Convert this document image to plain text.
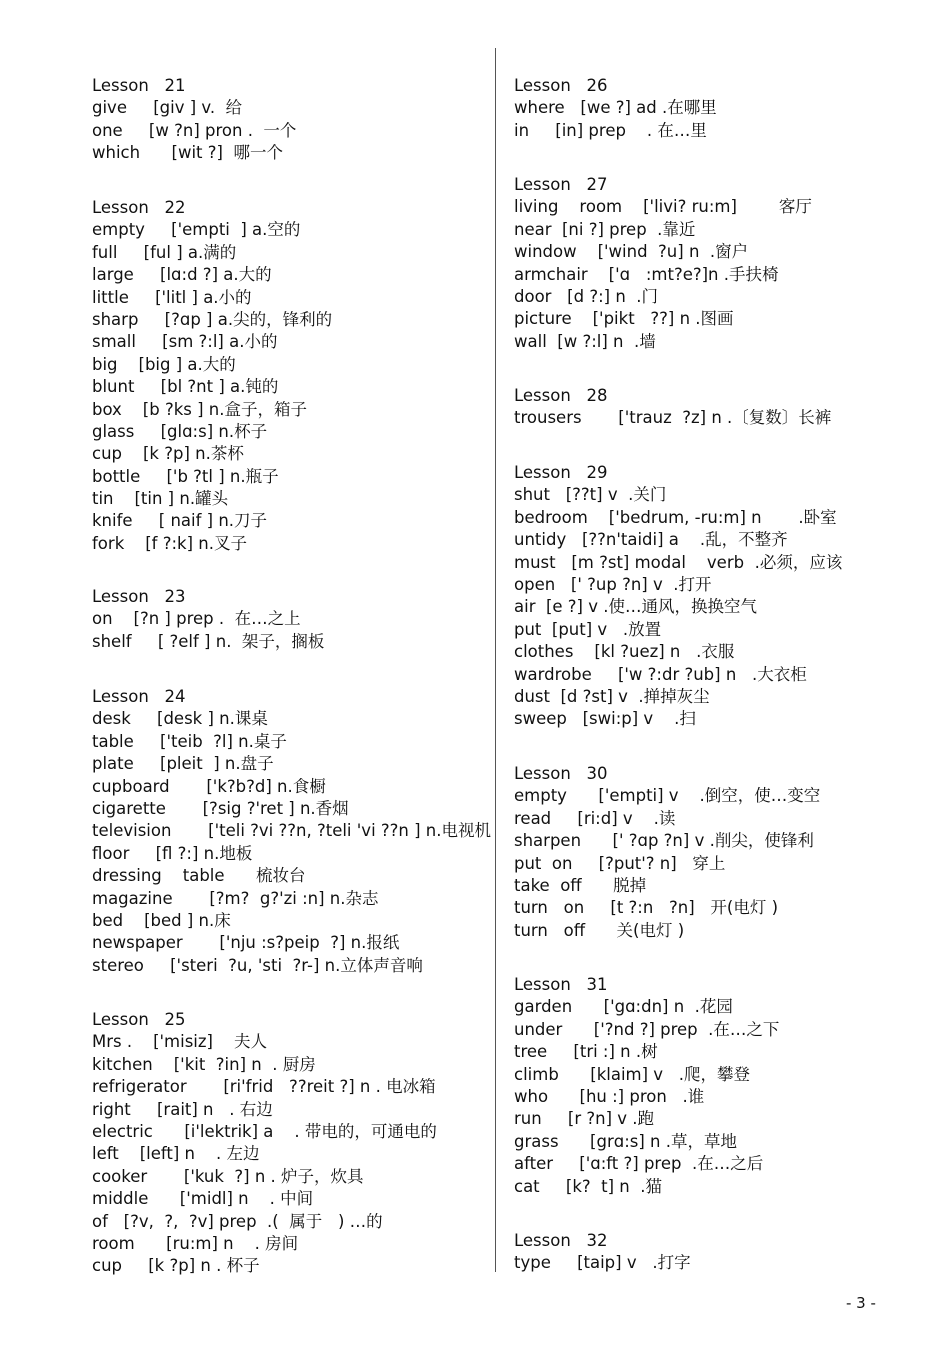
Lesson   21
give     [giv ] v.  给
one     [w ?n] pron .  一个
which      [wit ?]  哪一个
Lesson   22
empty     ['empti  ] a.空的
full     [ful ] a.满的
large     [lɑ:d ?] a.大的
little     ['litl ] a.小的
sharp     [?ɑp ] a.尖的，锋利的
small     [sm ?:l] a.小的
big    [big ] a.大的
blunt     [bl ?nt ] a.钝的
box    [b ?ks ] n.盒子，箱子
glass     [glɑ:s] n.杯子
cup    [k ?p] n.茶杯
bottle     ['b ?tl ] n.瓶子
tin    [tin ] n.罐头
knife     [ naif ] n.刀子
fork    [f ?:k] n.叉子
Lesson   23
on    [?n ] prep .  在…之上
shelf     [ ?elf ] n.  架子，搁板
Lesson   24
desk     [desk ] n.课桌
table     ['teib  ?l] n.桌子
plate     [pleit  ] n.盘子
cupboard       ['k?b?d] n.食橱
cigarette       [?sig ?'ret ] n.香烟
television       ['teli ?vi ??n, ?teli 'vi ??n ] n.电视机
floor     [fl ?:] n.地板
dressing    table      梳妆台
magazine       [?m?  g?'zi :n] n.杂志
bed    [bed ] n.床
newspaper       ['nju :s?peip  ?] n.报纸
stereo     ['steri  ?u, 'sti  ?r-] n.立体声音响
Lesson   25
Mrs .    ['misiz]    夫人
kitchen    ['kit  ?in] n  . 厨房
refrigerator       [ri'frid   ??reit ?] n . 电冰箱
right     [rait] n   . 右边
electric      [i'lektrik] a    . 带电的，可通电的
left    [left] n    . 左边
cooker       ['kuk  ?] n . 炉子，炊具
middle      ['midl] n    . 中间
of   [?v,  ?,  ?v] prep  .(  属于   ) …的
room      [ru:m] n    . 房间
cup     [k ?p] n . 杯子
Lesson   26
where   [we ?] ad .在哪里
in     [in] prep    . 在…里
Lesson   27
living    room    ['livi? ru:m]        客厅
near  [ni ?] prep  .靠近
window    ['wind  ?u] n  .窗户
armchair    ['ɑ   :mt?e?]n .手扶椅
door   [d ?:] n  .门
picture    ['pikt   ??] n .图画
wall  [w ?:l] n  .墙
Lesson   28
trousers       ['trauz  ?z] n .〔复数〕长裤
Lesson   29
shut   [??t] v  .关门
bedroom    ['bedrum, -ru:m] n       .卧室
untidy   [??n'taidi] a    .乱，不整齐
must   [m ?st] modal    verb  .必须，应该
open   [' ?up ?n] v  .打开
air  [e ?] v .使…通风，换换空气
put  [put] v   .放置
clothes    [kl ?uez] n   .衣服
wardrobe     ['w ?:dr ?ub] n   .大衣柜
dust  [d ?st] v  .掸掉灰尘
sweep   [swi:p] v    .扫
Lesson   30
empty      ['empti] v    .倒空，使…变空
read     [ri:d] v    .读
sharpen      [' ?ɑp ?n] v .削尖，使锋利
put  on     [?put'? n]   穿上
take  off      脱掉
turn   on     [t ?:n   ?n]   开(电灯 )
turn   off      关(电灯 )
Lesson   31
garden      ['gɑ:dn] n  .花园
under      ['?nd ?] prep  .在…之下
tree     [tri :] n .树
climb      [klaim] v   .爬，攀登
who      [hu :] pron   .谁
run     [r ?n] v .跑
grass      [grɑ:s] n .草，草地
after     ['ɑ:ft ?] prep  .在…之后
cat     [k?  t] n  .猫
Lesson   32
type     [taip] v   .打字
- 3 -
